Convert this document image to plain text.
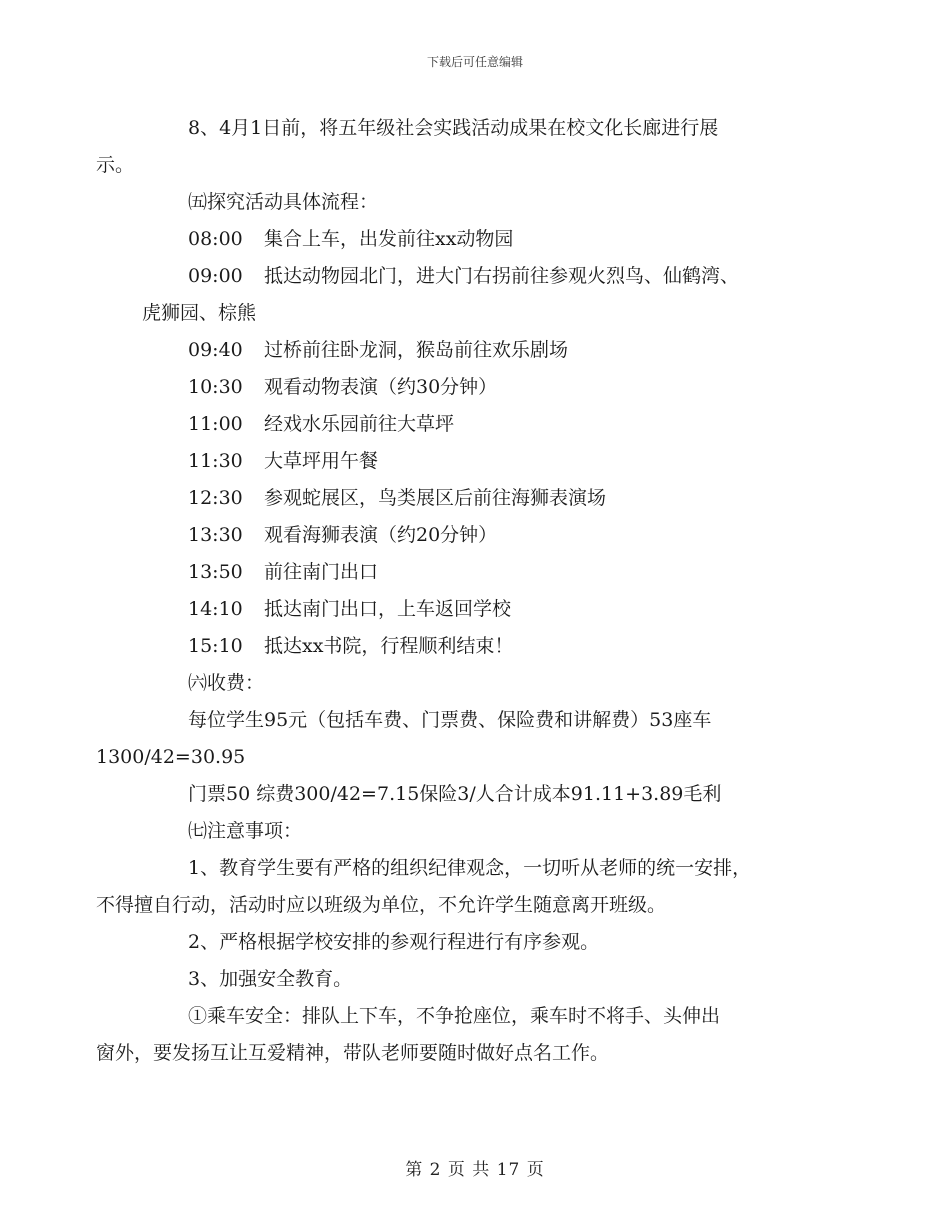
下载后可任意编辑
8、4月1日前，将五年级社会实践活动成果在校文化长廊进行展
示。
㈤探究活动具体流程：
08:00 集合上车，出发前往xx动物园
09:00 抵达动物园北门，进大门右拐前往参观火烈鸟、仙鹤湾、
虎狮园、棕熊
09:40 过桥前往卧龙洞，猴岛前往欢乐剧场
10:30 观看动物表演（约30分钟）
11:00 经戏水乐园前往大草坪
11:30 大草坪用午餐
12:30 参观蛇展区，鸟类展区后前往海狮表演场
13:30 观看海狮表演（约20分钟）
13:50 前往南门出口
14:10 抵达南门出口，上车返回学校
15:10 抵达xx书院，行程顺利结束！
㈥收费：
每位学生95元（包括车费、门票费、保险费和讲解费）53座车
1300/42=30.95
门票50 综费300/42=7.15保险3/人合计成本91.11+3.89毛利
㈦注意事项：
1、教育学生要有严格的组织纪律观念，一切听从老师的统一安排，
不得擅自行动，活动时应以班级为单位，不允许学生随意离开班级。
2、严格根据学校安排的参观行程进行有序参观。
3、加强安全教育。
①乘车安全：排队上下车，不争抢座位，乘车时不将手、头伸出
窗外，要发扬互让互爱精神，带队老师要随时做好点名工作。
第 2 页 共 17 页
